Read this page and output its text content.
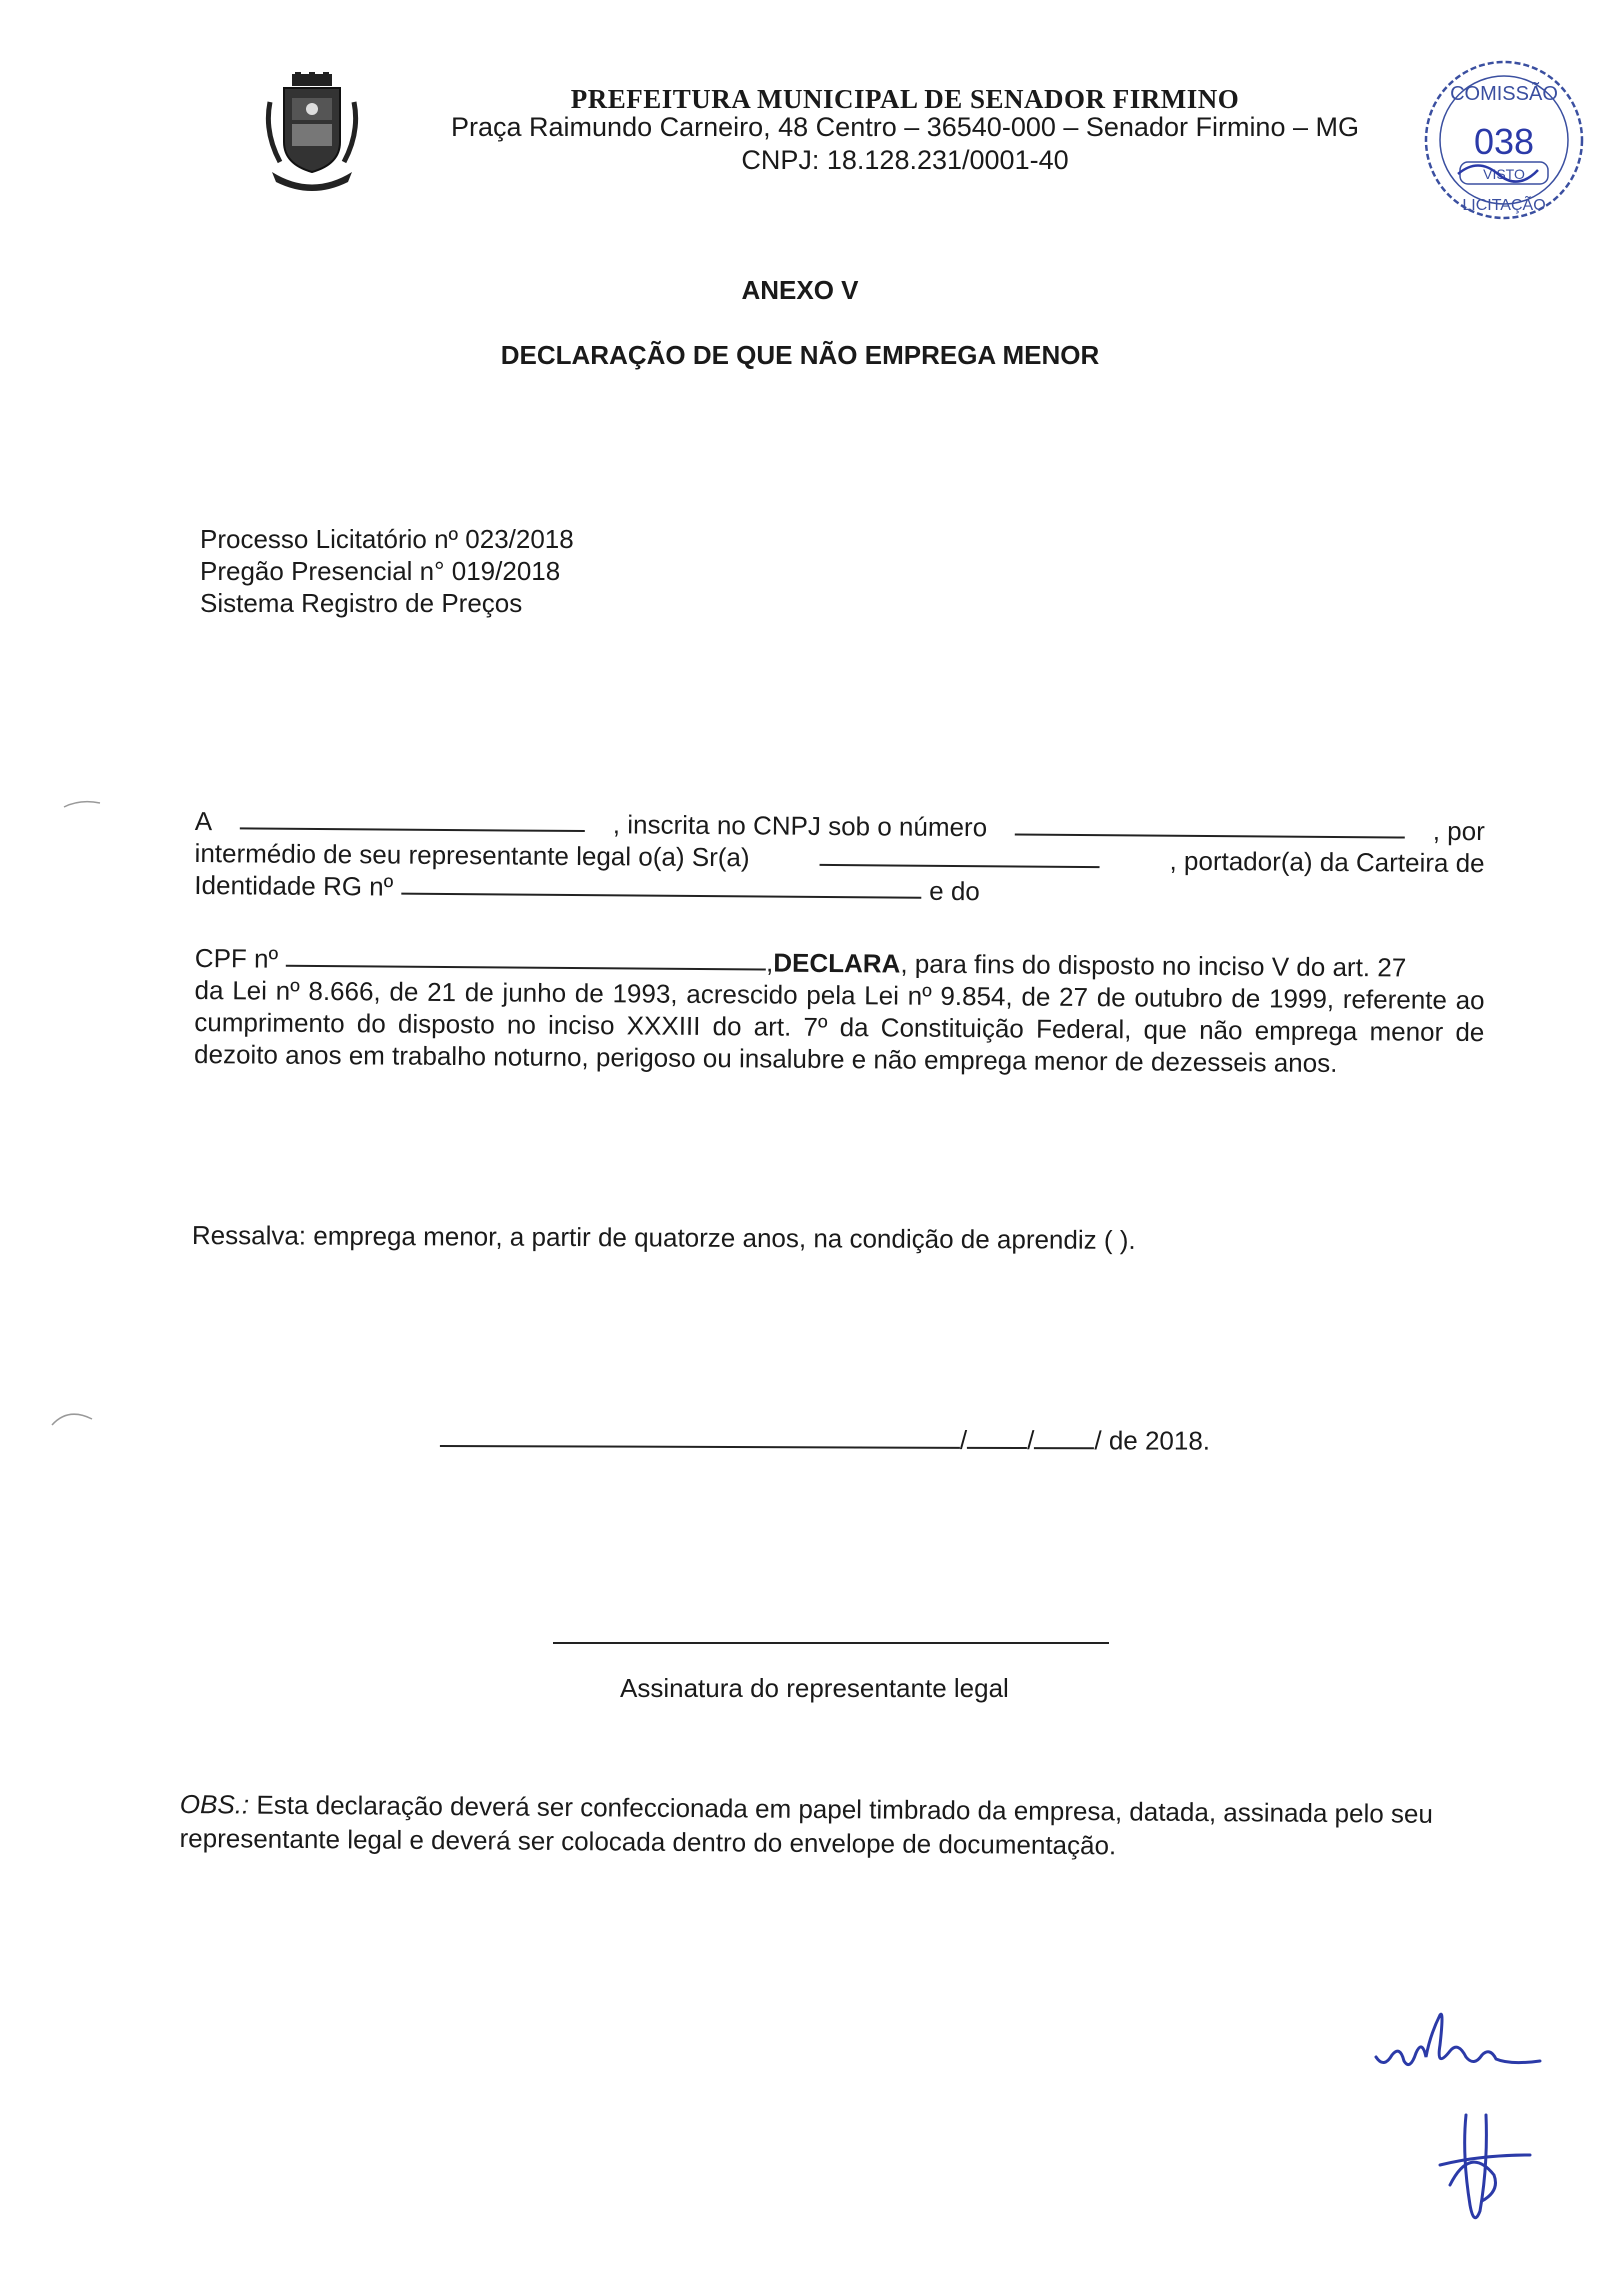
PREFEITURA MUNICIPAL DE SENADOR FIRMINO
Praça Raimundo Carneiro, 48 Centro – 36540-000 – Senador Firmino – MG
CNPJ: 18.128.231/0001-40
COMISSÃO
038
VISTO
LICITAÇÃO
ANEXO V
DECLARAÇÃO DE QUE NÃO EMPREGA MENOR
Processo Licitatório nº 023/2018
Pregão Presencial n° 019/2018
Sistema Registro de Preços
A	, inscrita no CNPJ sob o número	, por
intermédio de seu representante legal o(a) Sr(a)	, portador(a) da Carteira de
Identidade RG nº	e do
CPF nº	, DECLARA , para fins do disposto no inciso V do art. 27
da Lei nº 8.666, de 21 de junho de 1993, acrescido pela Lei nº 9.854, de 27 de outubro de 1999, referente ao cumprimento do disposto no inciso XXXIII do art. 7º da Constituição Federal, que não emprega menor de dezoito anos em trabalho noturno, perigoso ou insalubre e não emprega menor de dezesseis anos.
Ressalva: emprega menor, a partir de quatorze anos, na condição de aprendiz ( ).
/ / / de 2018.
Assinatura do representante legal
OBS.: Esta declaração deverá ser confeccionada em papel timbrado da empresa, datada, assinada pelo seu representante legal e deverá ser colocada dentro do envelope de documentação.
